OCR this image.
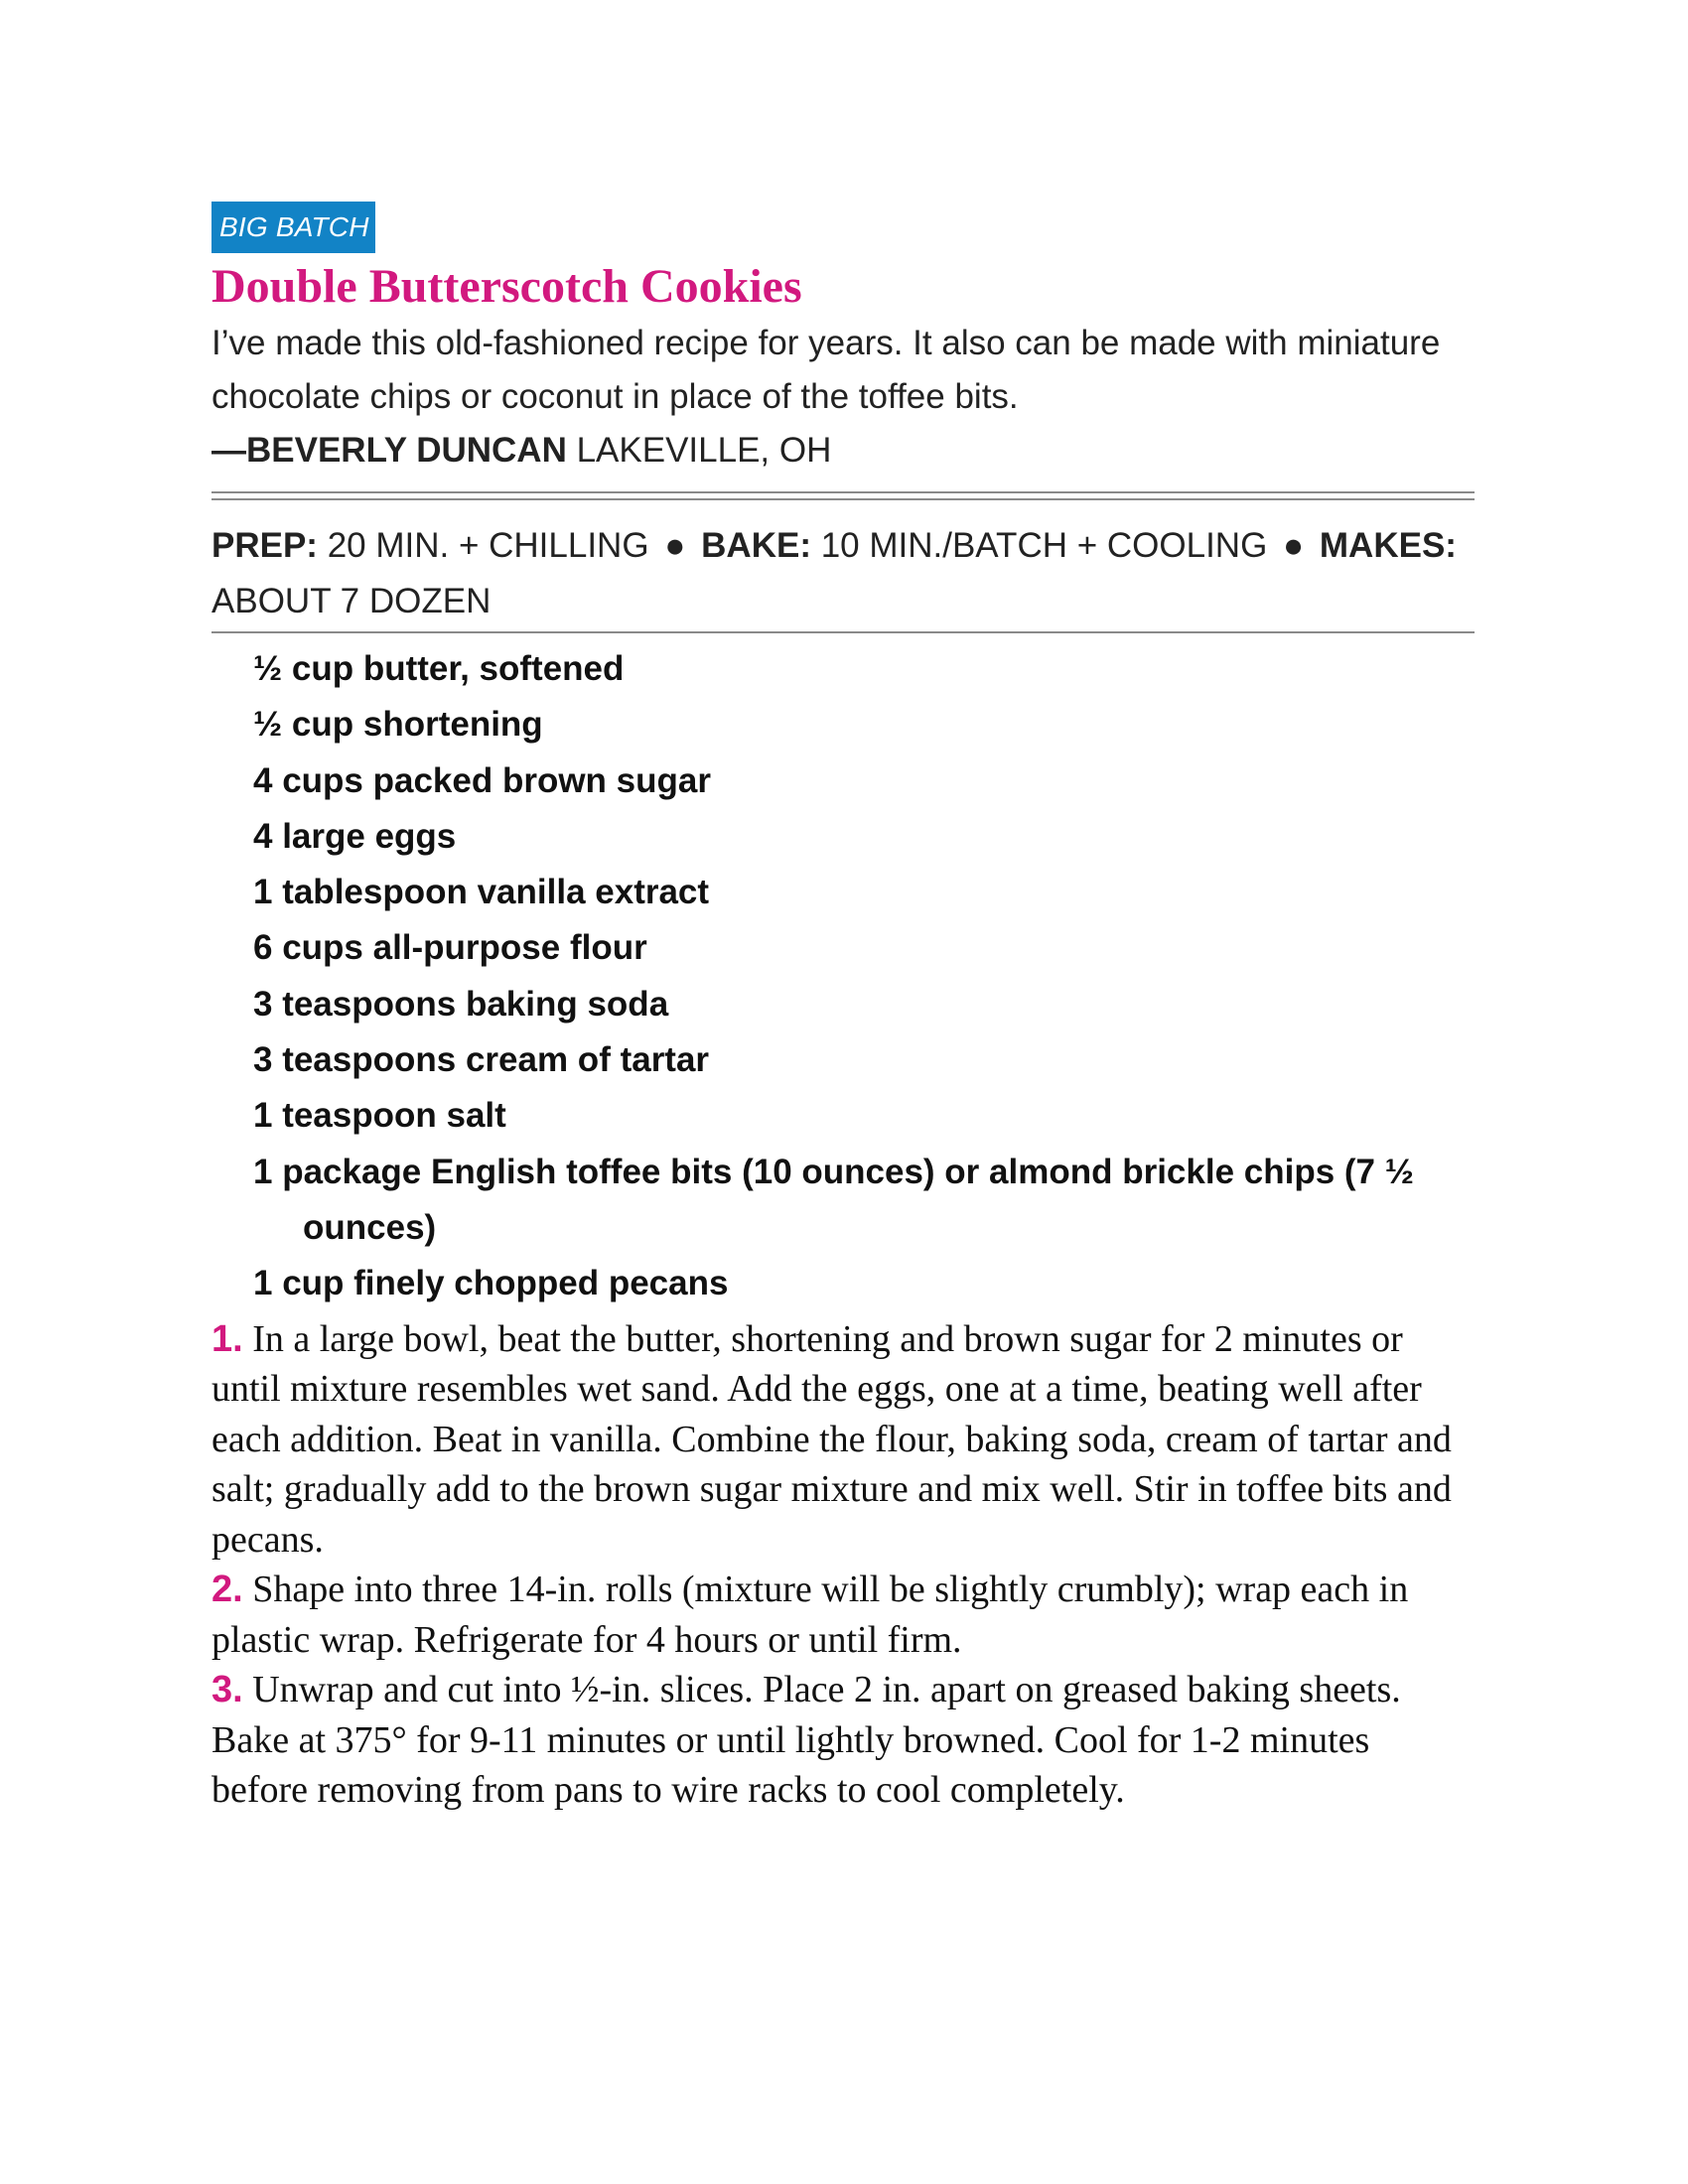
BIG BATCH
Double Butterscotch Cookies
I’ve made this old-fashioned recipe for years. It also can be made with miniature chocolate chips or coconut in place of the toffee bits.
—BEVERLY DUNCAN LAKEVILLE, OH
PREP: 20 MIN. + CHILLING ● BAKE: 10 MIN./BATCH + COOLING ● MAKES: ABOUT 7 DOZEN
½ cup butter, softened
½ cup shortening
4 cups packed brown sugar
4 large eggs
1 tablespoon vanilla extract
6 cups all-purpose flour
3 teaspoons baking soda
3 teaspoons cream of tartar
1 teaspoon salt
1 package English toffee bits (10 ounces) or almond brickle chips (7 ½ ounces)
1 cup finely chopped pecans
1. In a large bowl, beat the butter, shortening and brown sugar for 2 minutes or until mixture resembles wet sand. Add the eggs, one at a time, beating well after each addition. Beat in vanilla. Combine the flour, baking soda, cream of tartar and salt; gradually add to the brown sugar mixture and mix well. Stir in toffee bits and pecans.
2. Shape into three 14-in. rolls (mixture will be slightly crumbly); wrap each in plastic wrap. Refrigerate for 4 hours or until firm.
3. Unwrap and cut into ½-in. slices. Place 2 in. apart on greased baking sheets. Bake at 375° for 9-11 minutes or until lightly browned. Cool for 1-2 minutes before removing from pans to wire racks to cool completely.
